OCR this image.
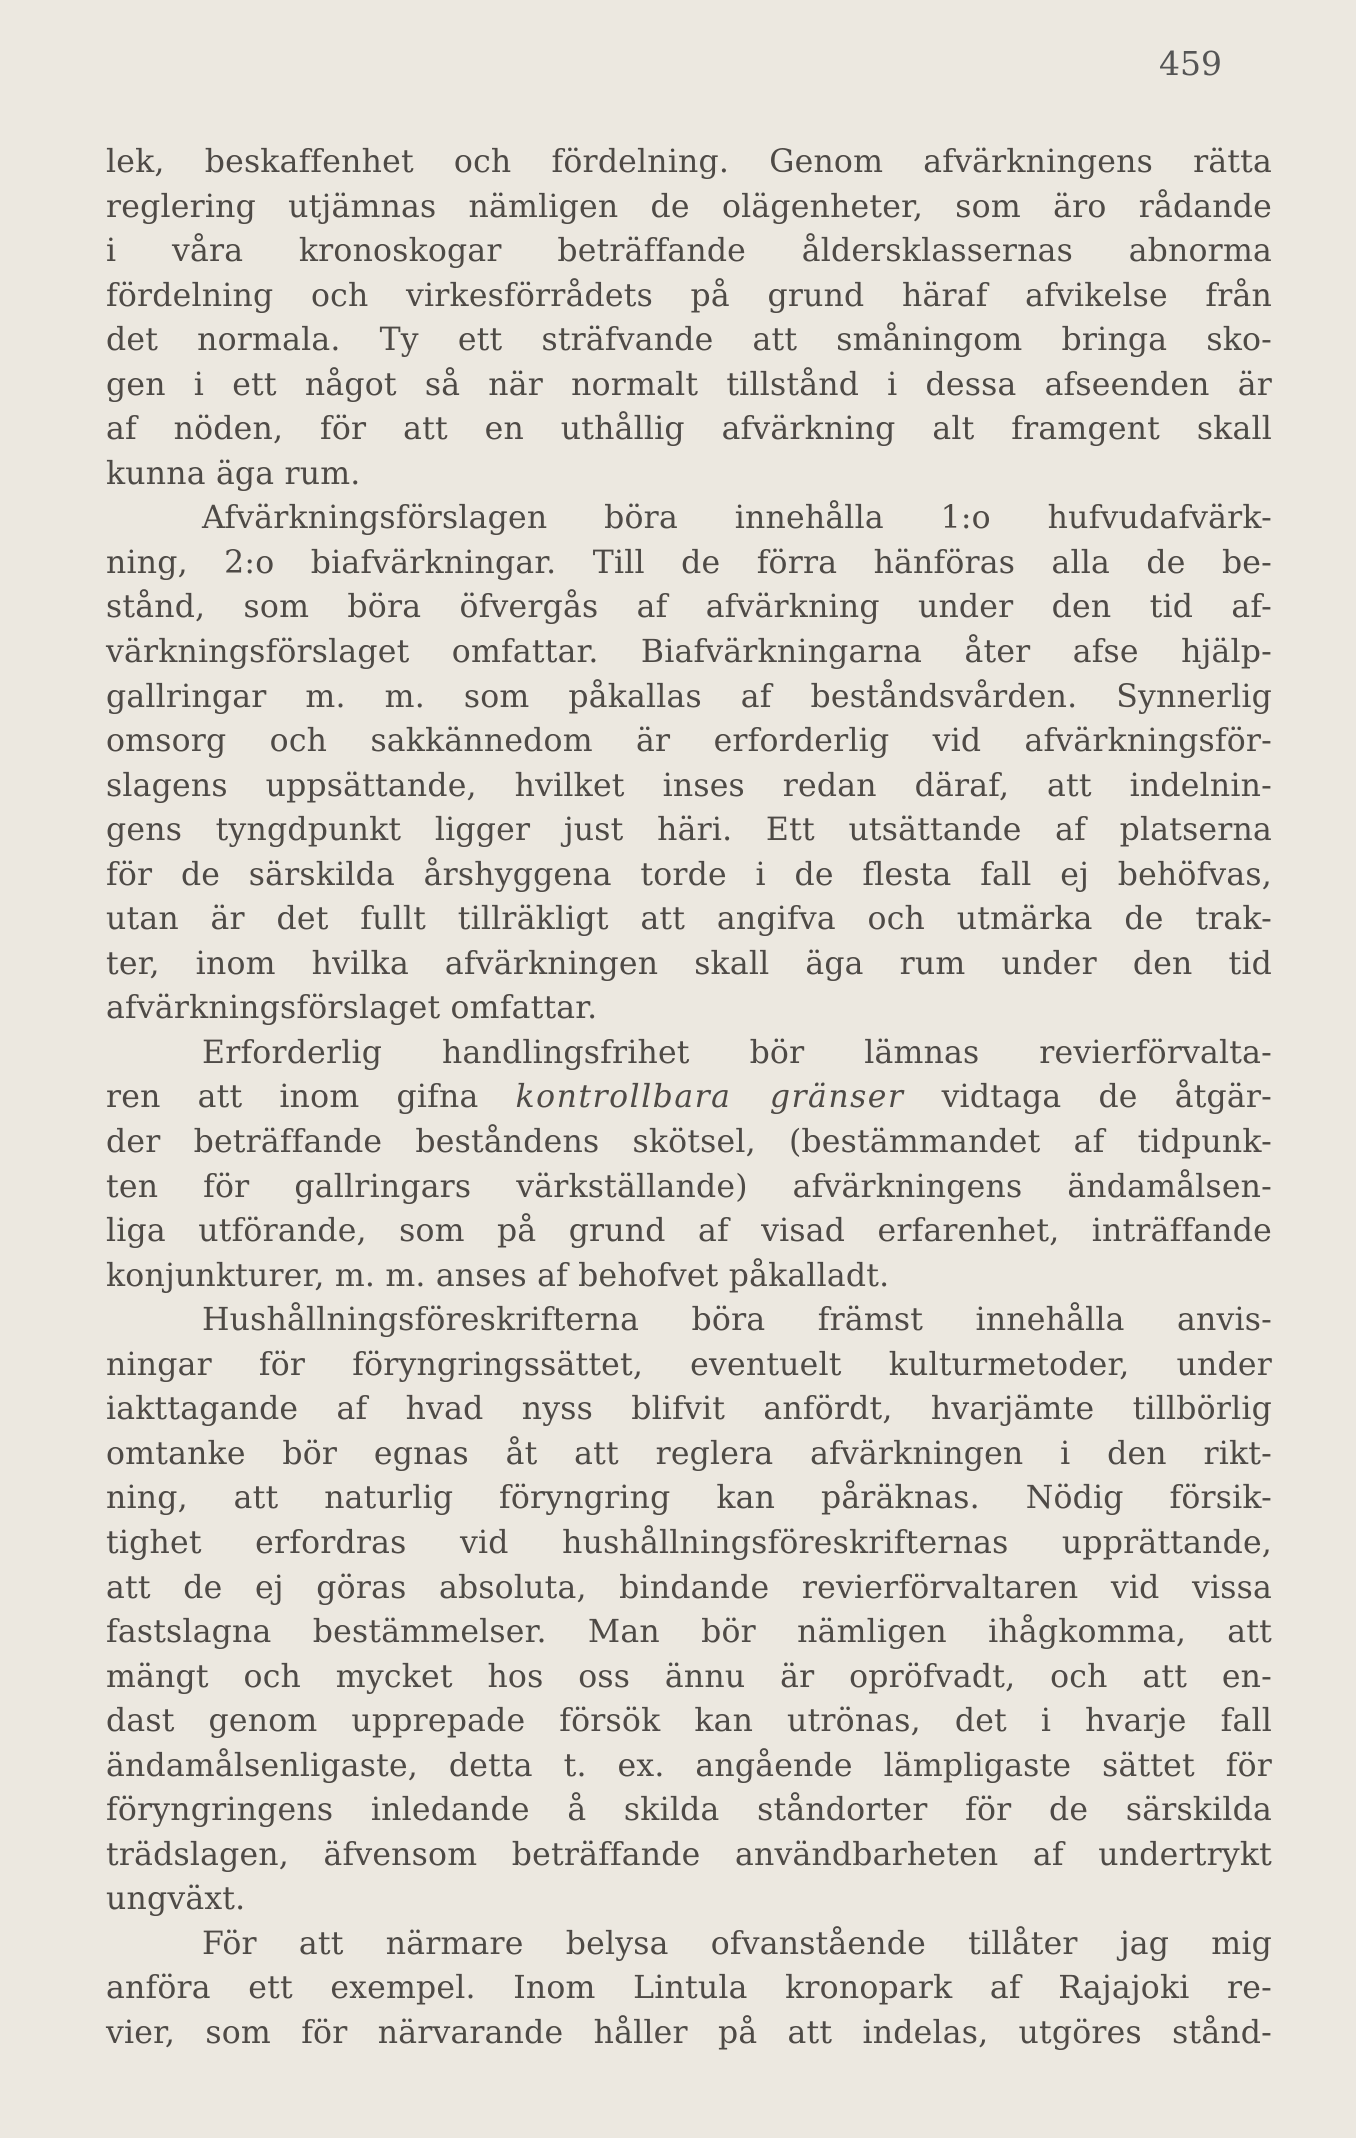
459
lek, beskaffenhet och fördelning. Genom afvärkningens rätta
reglering utjämnas nämligen de olägenheter, som äro rådande
i våra kronoskogar beträffande åldersklassernas abnorma
fördelning och virkesförrådets på grund häraf afvikelse från
det normala. Ty ett sträfvande att småningom bringa sko-
gen i ett något så när normalt tillstånd i dessa afseenden är
af nöden, för att en uthållig afvärkning alt framgent skall
kunna äga rum.
Afvärkningsförslagen böra innehålla 1:o hufvudafvärk-
ning, 2:o biafvärkningar. Till de förra hänföras alla de be-
stånd, som böra öfvergås af afvärkning under den tid af-
värkningsförslaget omfattar. Biafvärkningarna åter afse hjälp-
gallringar m. m. som påkallas af beståndsvården. Synnerlig
omsorg och sakkännedom är erforderlig vid afvärkningsför-
slagens uppsättande, hvilket inses redan däraf, att indelnin-
gens tyngdpunkt ligger just häri. Ett utsättande af platserna
för de särskilda årshyggena torde i de flesta fall ej behöfvas,
utan är det fullt tillräkligt att angifva och utmärka de trak-
ter, inom hvilka afvärkningen skall äga rum under den tid
afvärkningsförslaget omfattar.
Erforderlig handlingsfrihet bör lämnas revierförvalta-
ren att inom gifna kontrollbara gränser vidtaga de åtgär-
der beträffande beståndens skötsel, (bestämmandet af tidpunk-
ten för gallringars värkställande) afvärkningens ändamålsen-
liga utförande, som på grund af visad erfarenhet, inträffande
konjunkturer, m. m. anses af behofvet påkalladt.
Hushållningsföreskrifterna böra främst innehålla anvis-
ningar för föryngringssättet, eventuelt kulturmetoder, under
iakttagande af hvad nyss blifvit anfördt, hvarjämte tillbörlig
omtanke bör egnas åt att reglera afvärkningen i den rikt-
ning, att naturlig föryngring kan påräknas. Nödig försik-
tighet erfordras vid hushållningsföreskrifternas upprättande,
att de ej göras absoluta, bindande revierförvaltaren vid vissa
fastslagna bestämmelser. Man bör nämligen ihågkomma, att
mängt och mycket hos oss ännu är opröfvadt, och att en-
dast genom upprepade försök kan utrönas, det i hvarje fall
ändamålsenligaste, detta t. ex. angående lämpligaste sättet för
föryngringens inledande å skilda ståndorter för de särskilda
trädslagen, äfvensom beträffande användbarheten af undertrykt
ungväxt.
För att närmare belysa ofvanstående tillåter jag mig
anföra ett exempel. Inom Lintula kronopark af Rajajoki re-
vier, som för närvarande håller på att indelas, utgöres stånd-
